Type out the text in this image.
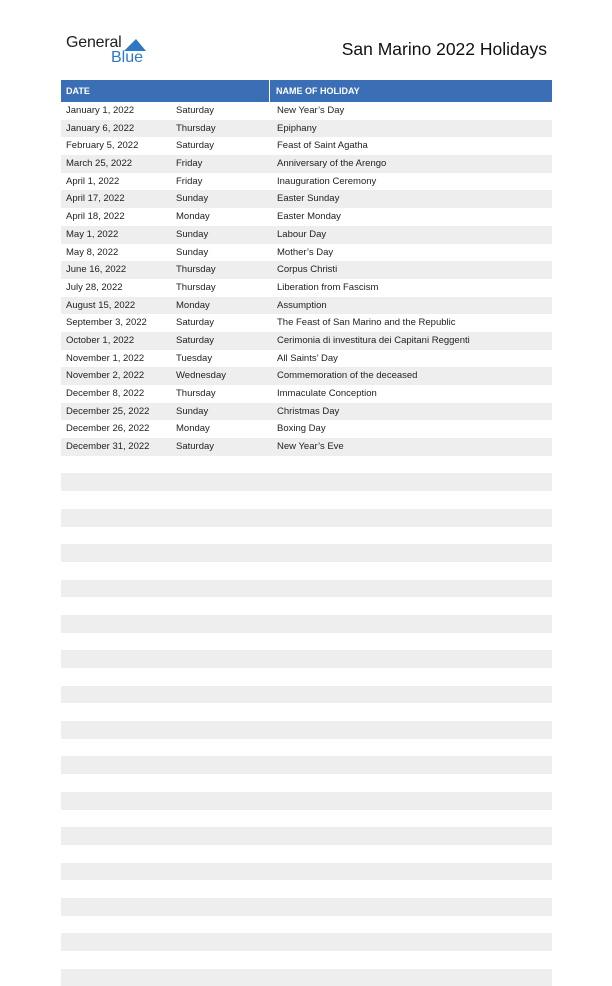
General
Blue	San Marino 2022 Holidays
DATE	NAME OF HOLIDAY
January 1, 2022	Saturday	New Year’s Day
January 6, 2022	Thursday	Epiphany
February 5, 2022	Saturday	Feast of Saint Agatha
March 25, 2022	Friday	Anniversary of the Arengo
April 1, 2022	Friday	Inauguration Ceremony
April 17, 2022	Sunday	Easter Sunday
April 18, 2022	Monday	Easter Monday
May 1, 2022	Sunday	Labour Day
May 8, 2022	Sunday	Mother’s Day
June 16, 2022	Thursday	Corpus Christi
July 28, 2022	Thursday	Liberation from Fascism
August 15, 2022	Monday	Assumption
September 3, 2022	Saturday	The Feast of San Marino and the Republic
October 1, 2022	Saturday	Cerimonia di investitura dei Capitani Reggenti
November 1, 2022	Tuesday	All Saints’ Day
November 2, 2022	Wednesday	Commemoration of the deceased
December 8, 2022	Thursday	Immaculate Conception
December 25, 2022	Sunday	Christmas Day
December 26, 2022	Monday	Boxing Day
December 31, 2022	Saturday	New Year’s Eve
